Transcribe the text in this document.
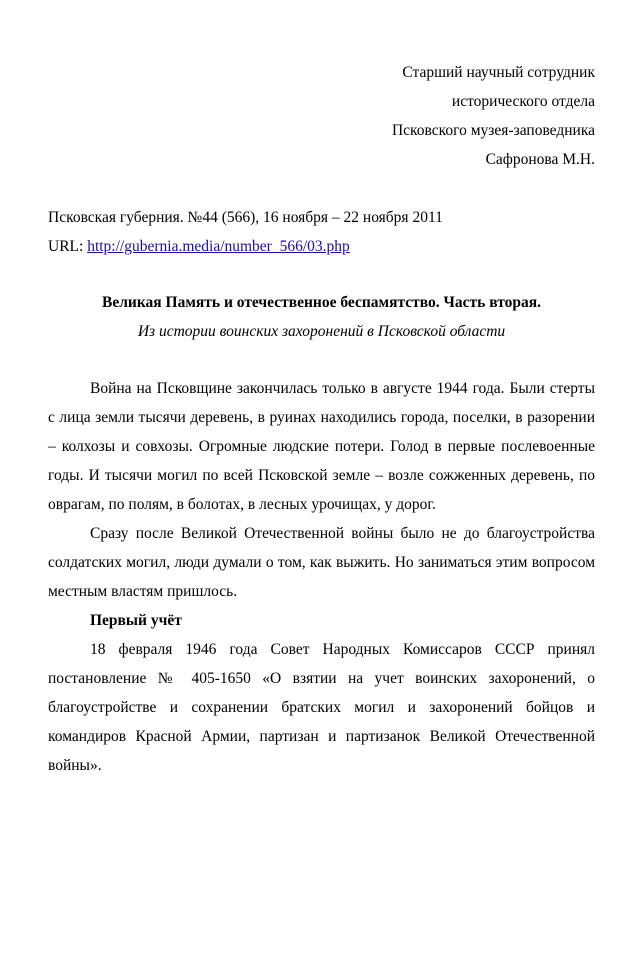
Старший научный сотрудник
исторического отдела
Псковского музея-заповедника
Сафронова М.Н.
Псковская губерния. №44 (566), 16 ноября – 22 ноября 2011
URL: http://gubernia.media/number_566/03.php
Великая Память и отечественное беспамятство. Часть вторая.
Из истории воинских захоронений в Псковской области

Война на Псковщине закончилась только в августе 1944 года. Были стерты с лица земли тысячи деревень, в руинах находились города, поселки, в разорении – колхозы и совхозы. Огромные людские потери. Голод в первые послевоенные годы. И тысячи могил по всей Псковской земле – возле сожженных деревень, по оврагам, по полям, в болотах, в лесных урочищах, у дорог.

Сразу после Великой Отечественной войны было не до благоустройства солдатских могил, люди думали о том, как выжить. Но заниматься этим вопросом местным властям пришлось.

Первый учёт

18 февраля 1946 года Совет Народных Комиссаров СССР принял постановление № 405-1650 «О взятии на учет воинских захоронений, о благоустройстве и сохранении братских могил и захоронений бойцов и командиров Красной Армии, партизан и партизанок Великой Отечественной войны».
